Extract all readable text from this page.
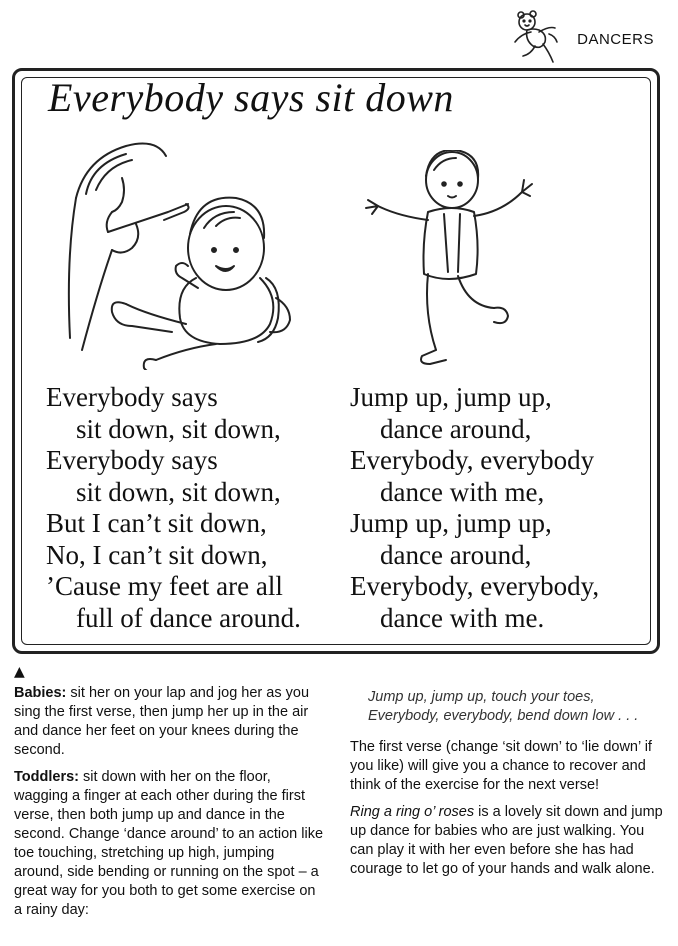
DANCERS
Everybody says sit down
Everybody says
sit down, sit down,
Everybody says
sit down, sit down,
But I can’t sit down,
No, I can’t sit down,
’Cause my feet are all
full of dance around.
Jump up, jump up,
dance around,
Everybody, everybody
dance with me,
Jump up, jump up,
dance around,
Everybody, everybody,
dance with me.
▲

Babies: sit her on your lap and jog her as you sing the first verse, then jump her up in the air and dance her feet on your knees during the second.

Toddlers: sit down with her on the floor, wagging a finger at each other during the first verse, then both jump up and dance in the second. Change ‘dance around’ to an action like toe touching, stretching up high, jumping around, side bending or running on the spot – a great way for you both to get some exercise on a rainy day:

Jump up, jump up, touch your toes,
Everybody, everybody, bend down low . . .

The first verse (change ‘sit down’ to ‘lie down’ if you like) will give you a chance to recover and think of the exercise for the next verse!

Ring a ring o’ roses is a lovely sit down and jump up dance for babies who are just walking. You can play it with her even before she has had courage to let go of your hands and walk alone.
